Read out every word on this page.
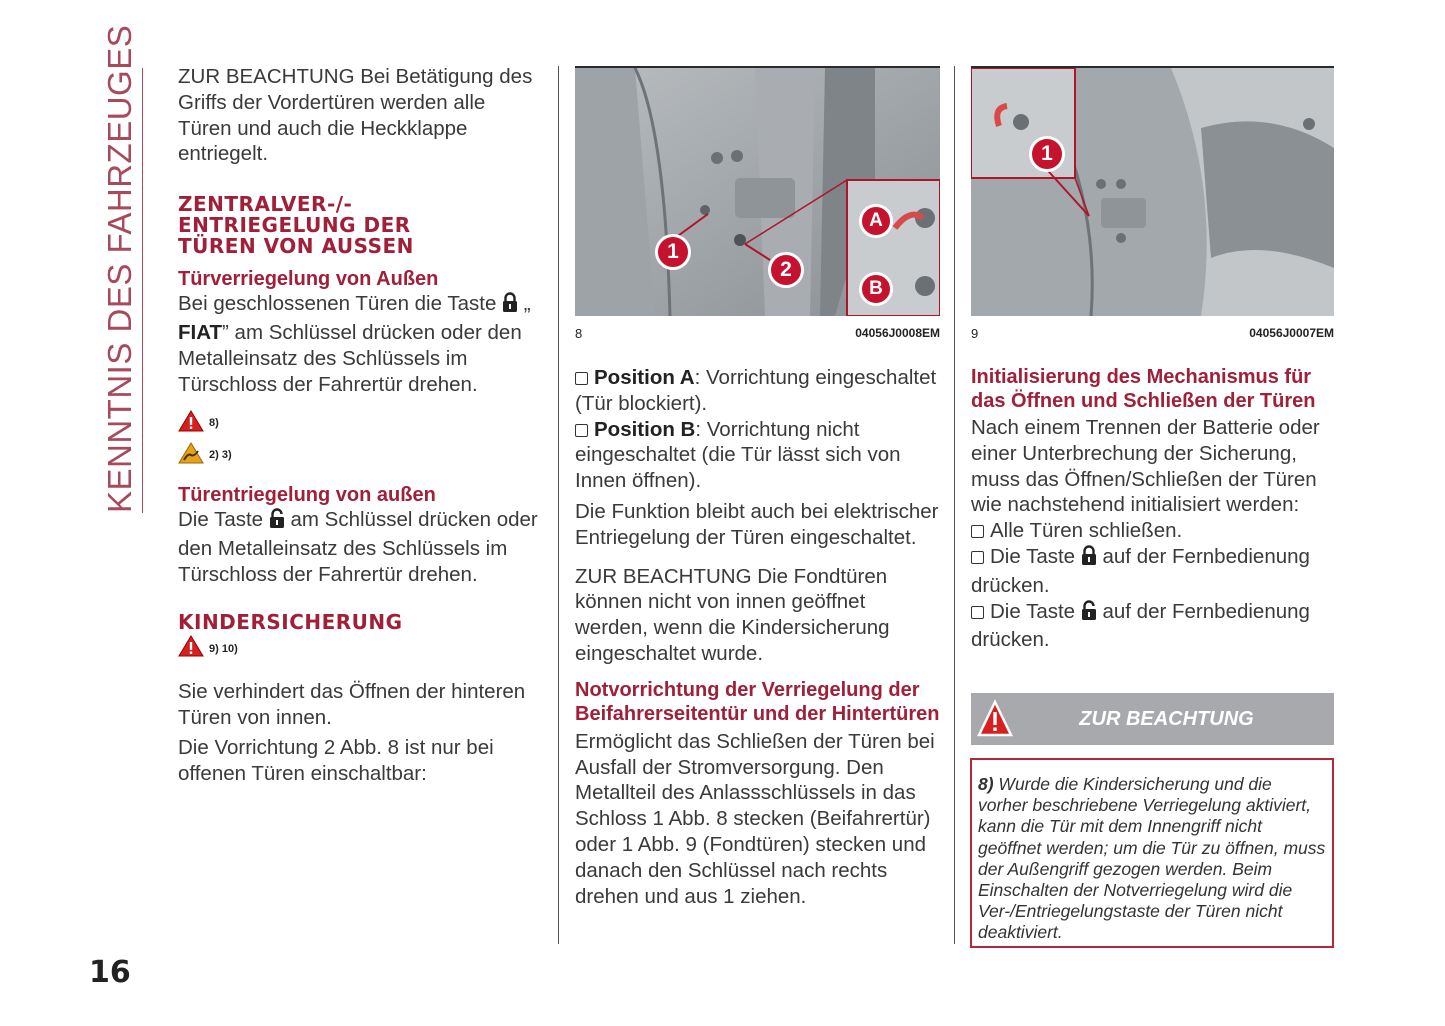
KENNTNIS DES FAHRZEUGES ZUR BEACHTUNG Bei Betätigung des Griffs der Vordertüren werden alle Türen und auch die Heckklappe entriegelt.

ZENTRALVER-/-

ENTRIEGELUNG DER

TÜREN VON AUSSEN

Türverriegelung von Außen

Bei geschlossenen Türen die Taste  „
FIAT” am Schlüssel drücken oder den Metalleinsatz des Schlüssels im Türschloss der Fahrertür drehen.

8)
2) 3)

Türentriegelung von außen

Die Taste  am Schlüssel drücken oder den Metalleinsatz des Schlüssels im Türschloss der Fahrertür drehen.

KINDERSICHERUNG

9) 10)

Sie verhindert das Öffnen der hinteren Türen von innen.

Die Vorrichtung 2 Abb. 8 ist nur bei offenen Türen einschaltbar:

1
2
A
B
8	04056J0008EM

Position A: Vorrichtung eingeschaltet (Tür blockiert).

Position B: Vorrichtung nicht eingeschaltet (die Tür lässt sich von Innen öffnen).

Die Funktion bleibt auch bei elektrischer Entriegelung der Türen eingeschaltet.

ZUR BEACHTUNG Die Fondtüren können nicht von innen geöffnet werden, wenn die Kindersicherung eingeschaltet wurde.

Notvorrichtung der Verriegelung der Beifahrerseitentür und der Hintertüren

Ermöglicht das Schließen der Türen bei Ausfall der Stromversorgung. Den Metallteil des Anlassschlüssels in das Schloss 1 Abb. 8 stecken (Beifahrertür) oder 1 Abb. 9 (Fondtüren) stecken und danach den Schlüssel nach rechts drehen und aus 1 ziehen.

1
9	04056J0007EM

Initialisierung des Mechanismus für das Öffnen und Schließen der Türen

Nach einem Trennen der Batterie oder einer Unterbrechung der Sicherung, muss das Öffnen/Schließen der Türen wie nachstehend initialisiert werden:

Alle Türen schließen.

Die Taste  auf der Fernbedienung drücken.

Die Taste  auf der Fernbedienung drücken.

ZUR BEACHTUNG

8) Wurde die Kindersicherung und die vorher beschriebene Verriegelung aktiviert, kann die Tür mit dem Innengriff nicht geöffnet werden; um die Tür zu öffnen, muss der Außengriff gezogen werden. Beim Einschalten der Notverriegelung wird die Ver-/Entriegelungstaste der Türen nicht deaktiviert.

16
